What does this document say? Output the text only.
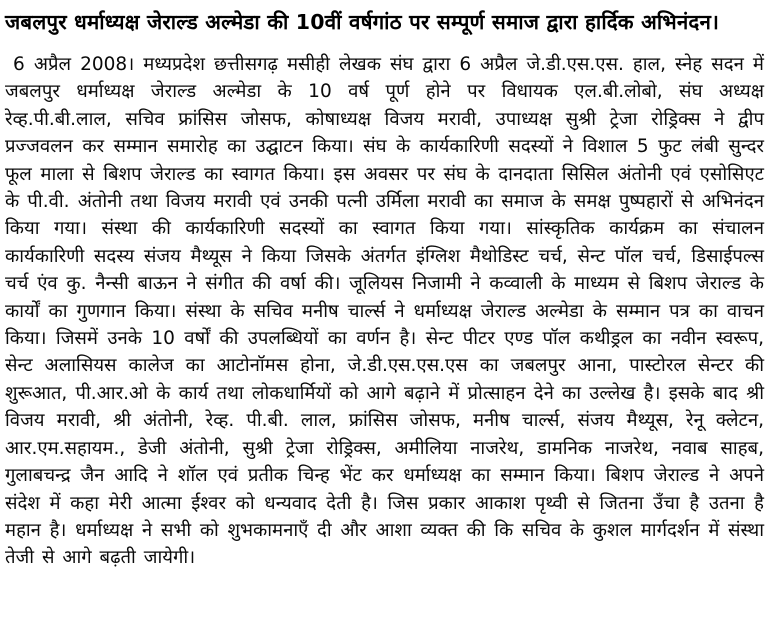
जबलपुर धर्माध्यक्ष जेराल्ड अल्मेडा की 10वीं वर्षगांठ पर सम्पूर्ण समाज द्वारा हार्दिक अभिनंदन।
6 अप्रैल 2008। मध्यप्रदेश छत्तीसगढ़ मसीही लेखक संघ द्वारा 6 अप्रैल जे.डी.एस.एस. हाल, स्नेह सदन में जबलपुर धर्माध्यक्ष जेराल्ड अल्मेडा के 10 वर्ष पूर्ण होने पर विधायक एल.बी.लोबो, संघ अध्यक्ष रेव्ह.पी.बी.लाल, सचिव फ्रांसिस जोसफ, कोषाध्यक्ष विजय मरावी, उपाध्यक्ष सुश्री ट्रेजा रोड्रिक्स ने द्वीप प्रज्जवलन कर सम्मान समारोह का उद्घाटन किया। संघ के कार्यकारिणी सदस्यों ने विशाल 5 फुट लंबी सुन्दर फूल माला से बिशप जेराल्ड का स्वागत किया। इस अवसर पर संघ के दानदाता सिसिल अंतोनी एवं एसोसिएट के पी.वी. अंतोनी तथा विजय मरावी एवं उनकी पत्नी उर्मिला मरावी का समाज के समक्ष पुष्पहारों से अभिनंदन किया गया। संस्था की कार्यकारिणी सदस्यों का स्वागत किया गया। सांस्कृतिक कार्यक्रम का संचालन कार्यकारिणी सदस्य संजय मैथ्यूस ने किया जिसके अंतर्गत इंग्लिश मैथोडिस्ट चर्च, सेन्ट पॉल चर्च, डिसाईपल्स चर्च एंव कु. नैन्सी बाऊन ने संगीत की वर्षा की। जूलियस निजामी ने कव्वाली के माध्यम से बिशप जेराल्ड के कार्यों का गुणगान किया। संस्था के सचिव मनीष चार्ल्स ने धर्माध्यक्ष जेराल्ड अल्मेडा के सम्मान पत्र का वाचन किया। जिसमें उनके 10 वर्षों की उपलब्धियों का वर्णन है। सेन्ट पीटर एण्ड पॉल कथीड्रल का नवीन स्वरूप, सेन्ट अलासियस कालेज का आटोनॉमस होना, जे.डी.एस.एस.एस का जबलपुर आना, पास्टोरल सेन्टर की शुरूआत, पी.आर.ओ के कार्य तथा लोकधार्मियों को आगे बढ़ाने में प्रोत्साहन देने का उल्लेख है। इसके बाद श्री विजय मरावी, श्री अंतोनी, रेव्ह. पी.बी. लाल, फ्रांसिस जोसफ, मनीष चार्ल्स, संजय मैथ्यूस, रेनू क्लेटन, आर.एम.सहायम., डेजी अंतोनी, सुश्री ट्रेजा रोड्रिक्स, अमीलिया नाजरेथ, डामनिक नाजरेथ, नवाब साहब, गुलाबचन्द्र जैन आदि ने शॉल एवं प्रतीक चिन्ह भेंट कर धर्माध्यक्ष का सम्मान किया। बिशप जेराल्ड ने अपने संदेश में कहा मेरी आत्मा ईश्वर को धन्यवाद देती है। जिस प्रकार आकाश पृथ्वी से जितना उँचा है उतना है महान है। धर्माध्यक्ष ने सभी को शुभकामनाएँ दी और आशा व्यक्त की कि सचिव के कुशल मार्गदर्शन में संस्था तेजी से आगे बढ़ती जायेगी।
